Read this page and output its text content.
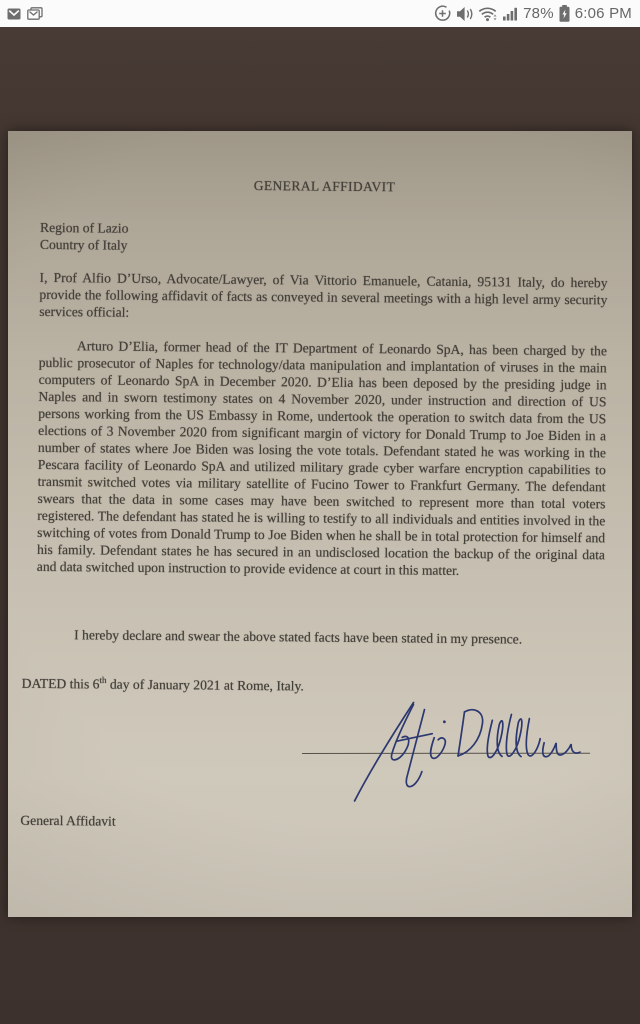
78% 6:06 PM
GENERAL AFFIDAVIT
Region of Lazio
Country of Italy
I, Prof Alfio D’Urso, Advocate/Lawyer, of Via Vittorio Emanuele, Catania, 95131 Italy, do hereby provide the following affidavit of facts as conveyed in several meetings with a high level army security services official:
Arturo D’Elia, former head of the IT Department of Leonardo SpA, has been charged by the public prosecutor of Naples for technology/data manipulation and implantation of viruses in the main computers of Leonardo SpA in December 2020. D’Elia has been deposed by the presiding judge in Naples and in sworn testimony states on 4 November 2020, under instruction and direction of US persons working from the US Embassy in Rome, undertook the operation to switch data from the US elections of 3 November 2020 from significant margin of victory for Donald Trump to Joe Biden in a number of states where Joe Biden was losing the vote totals. Defendant stated he was working in the Pescara facility of Leonardo SpA and utilized military grade cyber warfare encryption capabilities to transmit switched votes via military satellite of Fucino Tower to Frankfurt Germany. The defendant swears that the data in some cases may have been switched to represent more than total voters registered. The defendant has stated he is willing to testify to all individuals and entities involved in the switching of votes from Donald Trump to Joe Biden when he shall be in total protection for himself and his family. Defendant states he has secured in an undisclosed location the backup of the original data and data switched upon instruction to provide evidence at court in this matter.
I hereby declare and swear the above stated facts have been stated in my presence.
DATED this 6th day of January 2021 at Rome, Italy.
General Affidavit
